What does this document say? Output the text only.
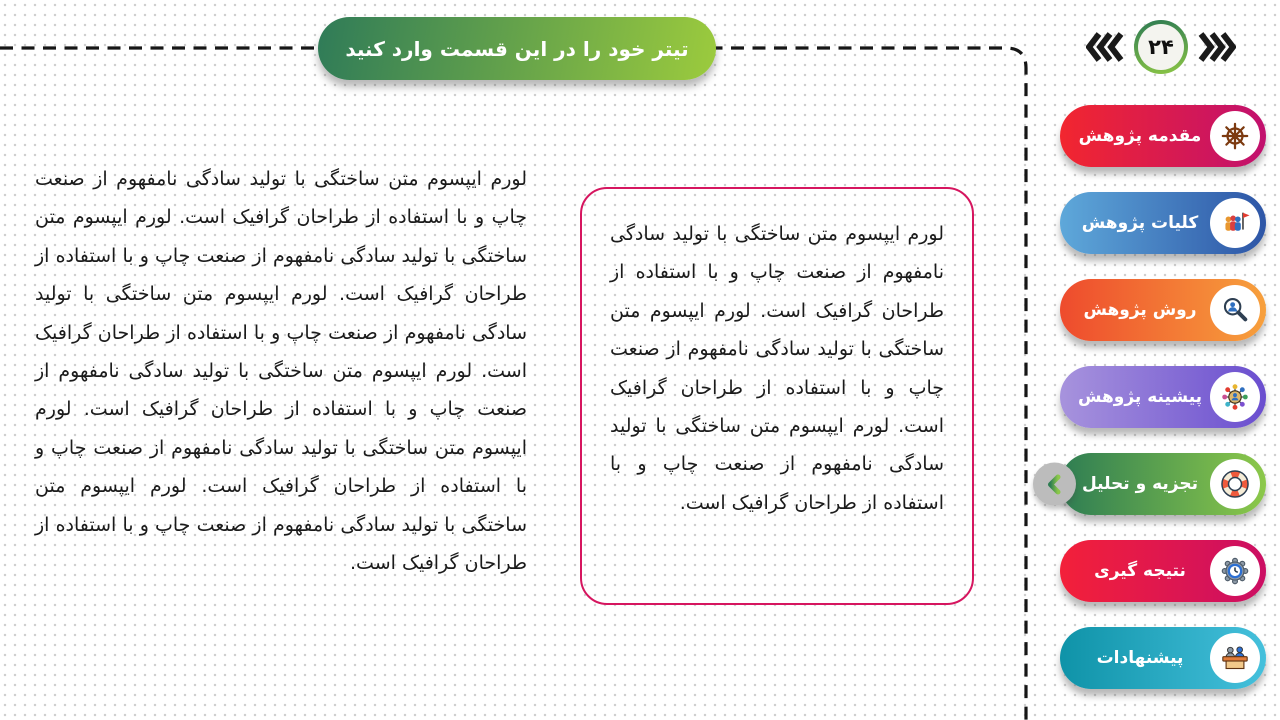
تیتر خود را در این قسمت وارد کنید	۲۴

لورم ایپسوم متن ساختگی با تولید سادگی نامفهوم از صنعت چاپ و با استفاده از طراحان گرافیک است. لورم ایپسوم متن ساختگی با تولید سادگی نامفهوم از صنعت چاپ و با استفاده از طراحان گرافیک است. لورم ایپسوم متن ساختگی با تولید سادگی نامفهوم از صنعت چاپ و با استفاده از طراحان گرافیک است. لورم ایپسوم متن ساختگی با تولید سادگی نامفهوم از صنعت چاپ و با استفاده از طراحان گرافیک است. لورم ایپسوم متن ساختگی با تولید سادگی نامفهوم از صنعت چاپ و با استفاده از طراحان گرافیک است. لورم ایپسوم متن ساختگی با تولید سادگی نامفهوم از صنعت چاپ و با استفاده از طراحان گرافیک است.

لورم ایپسوم متن ساختگی با تولید سادگی نامفهوم از صنعت چاپ و با استفاده از طراحان گرافیک است. لورم ایپسوم متن ساختگی با تولید سادگی نامفهوم از صنعت چاپ و با استفاده از طراحان گرافیک است. لورم ایپسوم متن ساختگی با تولید سادگی نامفهوم از صنعت چاپ و با استفاده از طراحان گرافیک است.

مقدمه پژوهش
کلیات پژوهش
روش پژوهش
پیشینه پژوهش
تجزیه و تحلیل
نتیجه گیری
پیشنهادات
